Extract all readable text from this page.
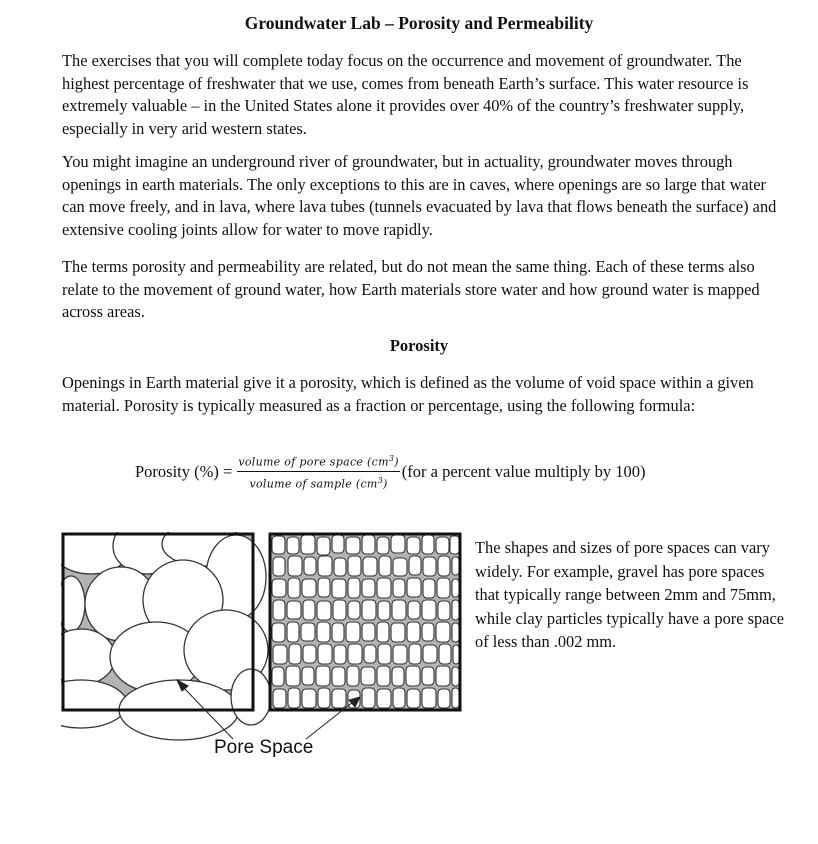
Groundwater Lab – Porosity and Permeability

The exercises that you will complete today focus on the occurrence and movement of groundwater. The highest percentage of freshwater that we use, comes from beneath Earth’s surface. This water resource is extremely valuable – in the United States alone it provides over 40% of the country’s freshwater supply, especially in very arid western states.

You might imagine an underground river of groundwater, but in actuality, groundwater moves through openings in earth materials. The only exceptions to this are in caves, where openings are so large that water can move freely, and in lava, where lava tubes (tunnels evacuated by lava that flows beneath the surface) and extensive cooling joints allow for water to move rapidly.

The terms porosity and permeability are related, but do not mean the same thing. Each of these terms also relate to the movement of ground water, how Earth materials store water and how ground water is mapped across areas.

Porosity

Openings in Earth material give it a porosity, which is defined as the volume of void space within a given material. Porosity is typically measured as a fraction or percentage, using the following formula:

Porosity (%) = $\frac{volume of pore space (cm^3)}{volume of sample (cm^3)} (for$ a percent value multiply by 100)
Pore Space

The shapes and sizes of pore spaces can vary widely. For example, gravel has pore spaces that typically range between 2mm and 75mm, while clay particles typically have a pore space of less than .002 mm.
